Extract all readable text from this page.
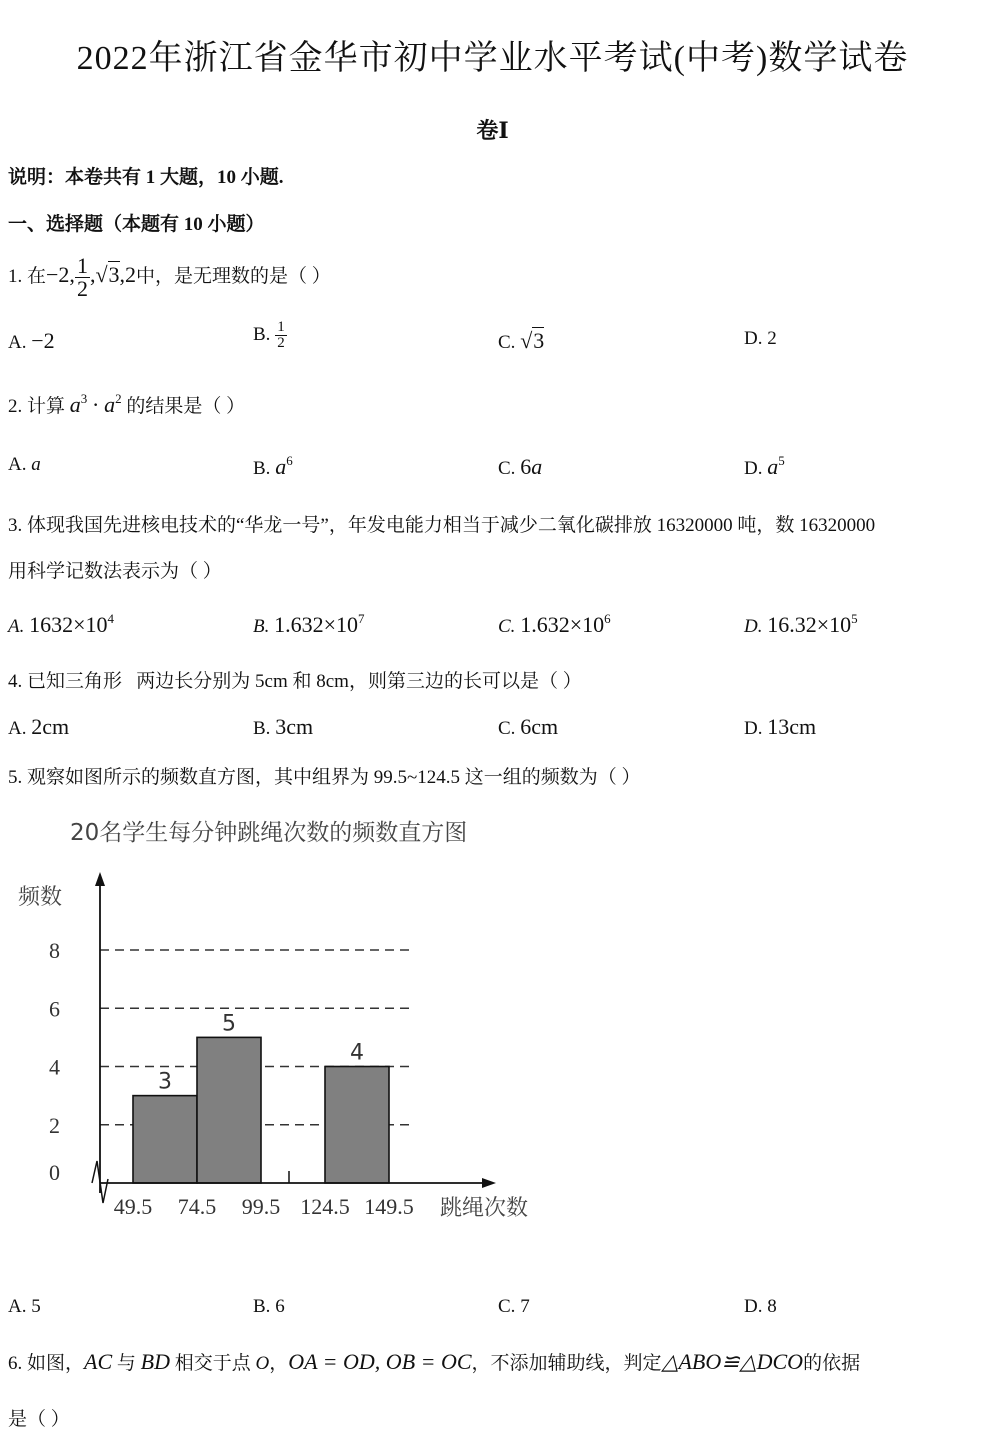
2022年浙江省金华市初中学业水平考试(中考)数学试卷
卷Ⅰ
说明：本卷共有 1 大题，10 小题.
一、选择题（本题有 10 小题）
1. 在−2, $\frac{1}{2} ,√3,2$中，是无理数的是（ ）
A. −2	B. $\frac{1}{2}$	C. √3	D. 2
2. 计算 $a^3 \cdot a^2$ 的结果是（ ）
A. a	B. $a^6$	C. 6a	D. $a^5$
3. 体现我国先进核电技术的“华龙一号”，年发电能力相当于减少二氧化碳排放 16320000 吨，数 16320000
用科学记数法表示为（ ）
A. $1632\times 10^4$	B. $1.632\times 10^7$	C. $1.632\times 10^6$	D. $16.32\times 10^5$
4. 已知三角形 两边长分别为 5cm 和 8cm，则第三边的长可以是（ ）
A. 2cm	B. 3cm	C. 6cm	D. 13cm
5. 观察如图所示的频数直方图，其中组界为 99.5~124.5 这一组的频数为（ ）
20名学生每分钟跳绳次数的频数直方图
频数
跳绳次数
3
5
4
0
2
4
6
8
49.5 74.5 99.5 124.5 149.5
A. 5	B. 6	C. 7	D. 8
6. 如图，AC 与 BD 相交于点 O，OA = OD, OB = OC，不添加辅助线，判定△ABO≌△DCO的依据
是（ ）
